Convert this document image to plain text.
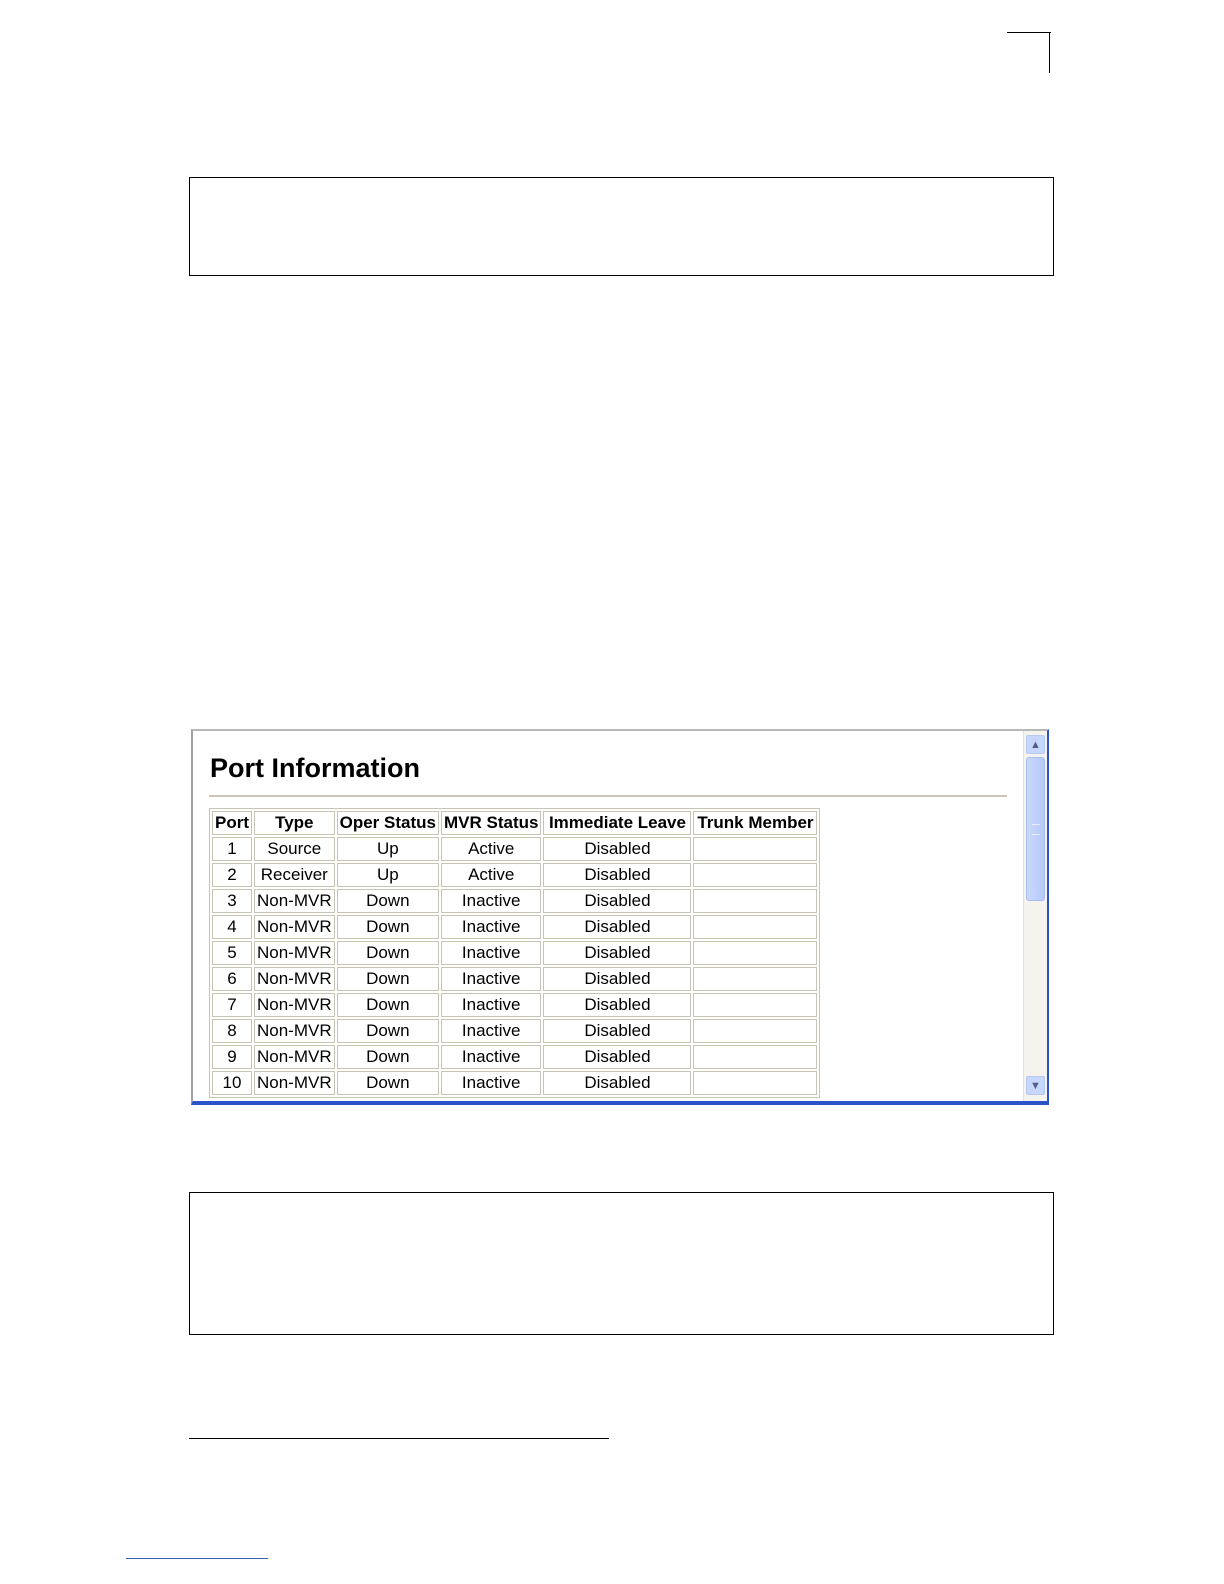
Port Information
Port	Type	Oper Status	MVR Status	Immediate Leave	Trunk Member
1	Source	Up	Active	Disabled	
2	Receiver	Up	Active	Disabled	
3	Non-MVR	Down	Inactive	Disabled	
4	Non-MVR	Down	Inactive	Disabled	
5	Non-MVR	Down	Inactive	Disabled	
6	Non-MVR	Down	Inactive	Disabled	
7	Non-MVR	Down	Inactive	Disabled	
8	Non-MVR	Down	Inactive	Disabled	
9	Non-MVR	Down	Inactive	Disabled	
10	Non-MVR	Down	Inactive	Disabled	
▲
▼
